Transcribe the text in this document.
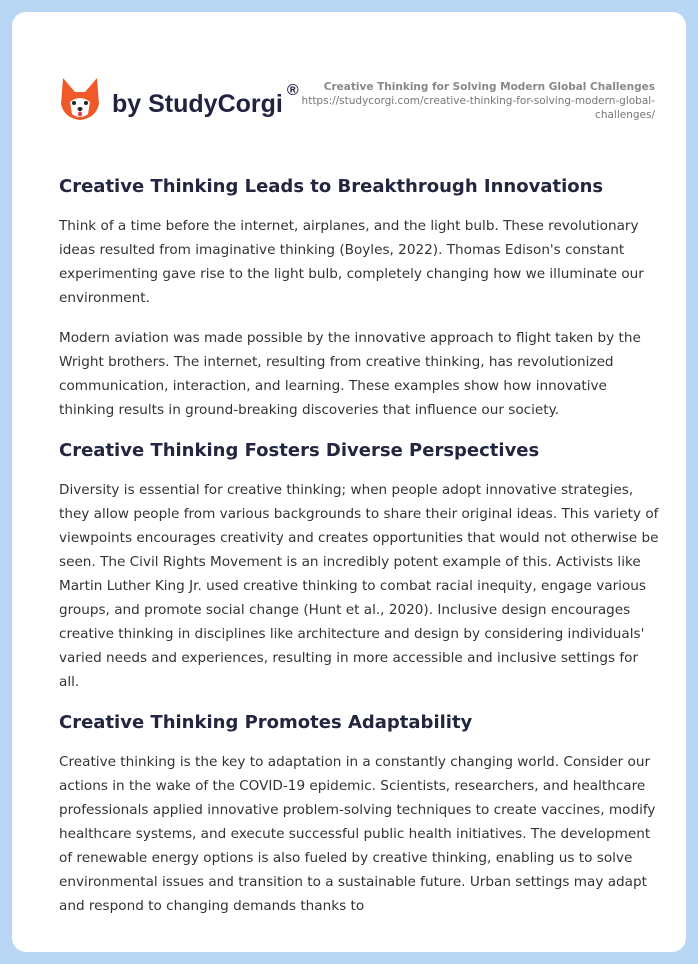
by StudyCorgi ®	Creative Thinking for Solving Modern Global Challenges
https://studycorgi.com/creative-thinking-for-solving-modern-global-challenges/
Creative Thinking Leads to Breakthrough Innovations

Think of a time before the internet, airplanes, and the light bulb. These revolutionary ideas resulted from imaginative thinking (Boyles, 2022). Thomas Edison's constant experimenting gave rise to the light bulb, completely changing how we illuminate our environment.

Modern aviation was made possible by the innovative approach to flight taken by the Wright brothers. The internet, resulting from creative thinking, has revolutionized communication, interaction, and learning. These examples show how innovative thinking results in ground-breaking discoveries that influence our society.

Creative Thinking Fosters Diverse Perspectives

Diversity is essential for creative thinking; when people adopt innovative strategies, they allow people from various backgrounds to share their original ideas. This variety of viewpoints encourages creativity and creates opportunities that would not otherwise be seen. The Civil Rights Movement is an incredibly potent example of this. Activists like Martin Luther King Jr. used creative thinking to combat racial inequity, engage various groups, and promote social change (Hunt et al., 2020). Inclusive design encourages creative thinking in disciplines like architecture and design by considering individuals' varied needs and experiences, resulting in more accessible and inclusive settings for all.

Creative Thinking Promotes Adaptability

Creative thinking is the key to adaptation in a constantly changing world. Consider our actions in the wake of the COVID-19 epidemic. Scientists, researchers, and healthcare professionals applied innovative problem-solving techniques to create vaccines, modify healthcare systems, and execute successful public health initiatives. The development of renewable energy options is also fueled by creative thinking, enabling us to solve environmental issues and transition to a sustainable future. Urban settings may adapt and respond to changing demands thanks to
